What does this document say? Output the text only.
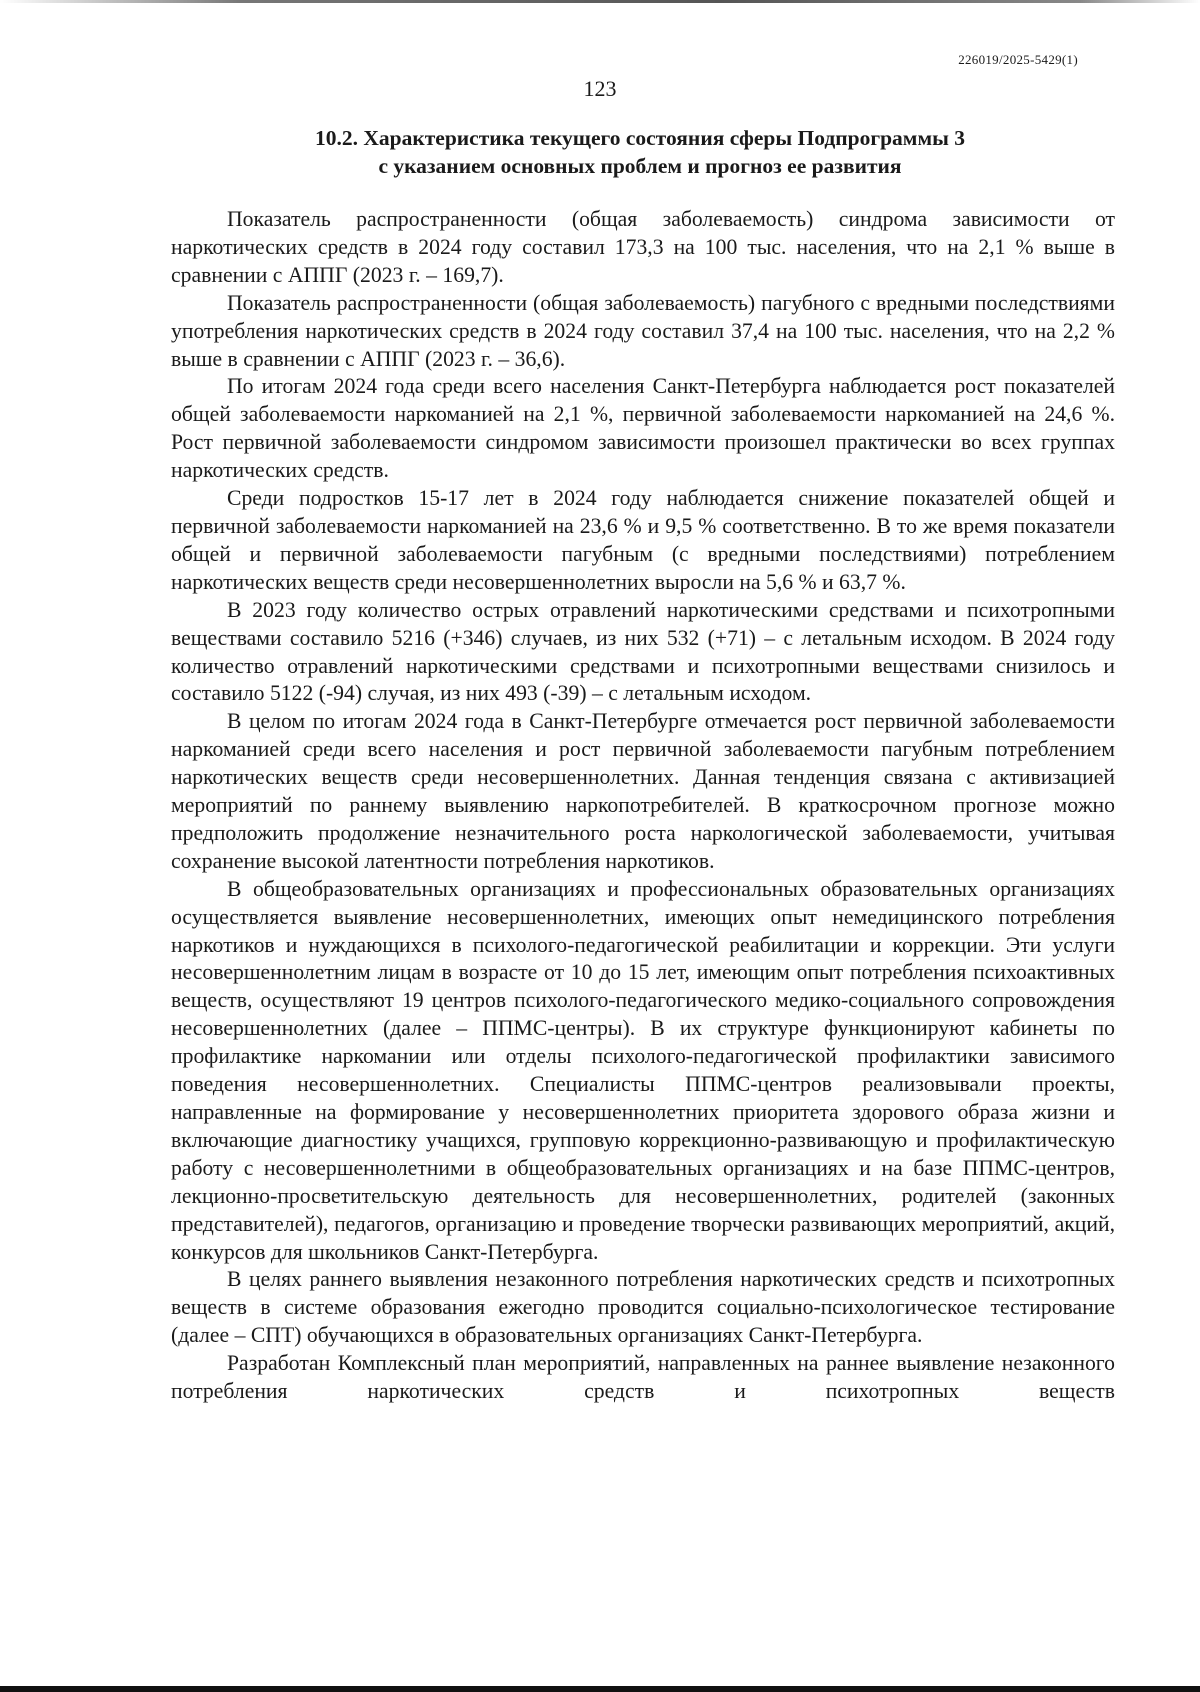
226019/2025-5429(1)
123
10.2. Характеристика текущего состояния сферы Подпрограммы 3
с указанием основных проблем и прогноз ее развития

Показатель распространенности (общая заболеваемость) синдрома зависимости от наркотических средств в 2024 году составил 173,3 на 100 тыс. населения, что на 2,1 % выше в сравнении с АППГ (2023 г. – 169,7).

Показатель распространенности (общая заболеваемость) пагубного с вредными последствиями употребления наркотических средств в 2024 году составил 37,4 на 100 тыс. населения, что на 2,2 % выше в сравнении с АППГ (2023 г. – 36,6).

По итогам 2024 года среди всего населения Санкт-Петербурга наблюдается рост показателей общей заболеваемости наркоманией на 2,1 %, первичной заболеваемости наркоманией на 24,6 %. Рост первичной заболеваемости синдромом зависимости произошел практически во всех группах наркотических средств.

Среди подростков 15-17 лет в 2024 году наблюдается снижение показателей общей и первичной заболеваемости наркоманией на 23,6 % и 9,5 % соответственно. В то же время показатели общей и первичной заболеваемости пагубным (с вредными последствиями) потреблением наркотических веществ среди несовершеннолетних выросли на 5,6 % и 63,7 %.

В 2023 году количество острых отравлений наркотическими средствами и психотропными веществами составило 5216 (+346) случаев, из них 532 (+71) – с летальным исходом. В 2024 году количество отравлений наркотическими средствами и психотропными веществами снизилось и составило 5122 (-94) случая, из них 493 (-39) – с летальным исходом.

В целом по итогам 2024 года в Санкт-Петербурге отмечается рост первичной заболеваемости наркоманией среди всего населения и рост первичной заболеваемости пагубным потреблением наркотических веществ среди несовершеннолетних. Данная тенденция связана с активизацией мероприятий по раннему выявлению наркопотребителей. В краткосрочном прогнозе можно предположить продолжение незначительного роста наркологической заболеваемости, учитывая сохранение высокой латентности потребления наркотиков.

В общеобразовательных организациях и профессиональных образовательных организациях осуществляется выявление несовершеннолетних, имеющих опыт немедицинского потребления наркотиков и нуждающихся в психолого-педагогической реабилитации и коррекции. Эти услуги несовершеннолетним лицам в возрасте от 10 до 15 лет, имеющим опыт потребления психоактивных веществ, осуществляют 19 центров психолого-педагогического медико-социального сопровождения несовершеннолетних (далее – ППМС-центры). В их структуре функционируют кабинеты по профилактике наркомании или отделы психолого-педагогической профилактики зависимого поведения несовершеннолетних. Специалисты ППМС-центров реализовывали проекты, направленные на формирование у несовершеннолетних приоритета здорового образа жизни и включающие диагностику учащихся, групповую коррекционно-развивающую и профилактическую работу с несовершеннолетними в общеобразовательных организациях и на базе ППМС-центров, лекционно-просветительскую деятельность для несовершеннолетних, родителей (законных представителей), педагогов, организацию и проведение творчески развивающих мероприятий, акций, конкурсов для школьников Санкт-Петербурга.

В целях раннего выявления незаконного потребления наркотических средств и психотропных веществ в системе образования ежегодно проводится социально-психологическое тестирование (далее – СПТ) обучающихся в образовательных организациях Санкт-Петербурга.

Разработан Комплексный план мероприятий, направленных на раннее выявление незаконного потребления наркотических средств и психотропных веществ
